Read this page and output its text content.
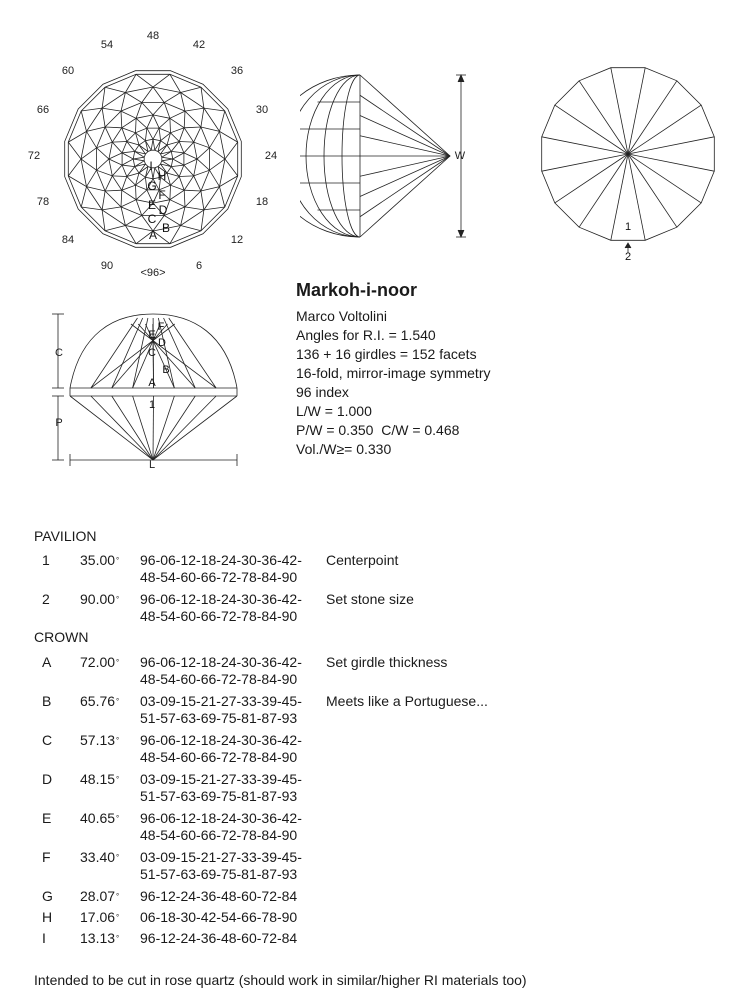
48
42
36
30
24
18
12
6
<96>
90
84
78
72
66
60
54
A B
C
D
E
F
G
H
I
W
1
2
C
P
L
F
E
D
C
B
A
1
Markoh-i-noor
Marco Voltolini
Angles for R.I. = 1.540
136 + 16 girdles = 152 facets
16-fold, mirror-image symmetry
96 index
L/W = 1.000
P/W = 0.350  C/W = 0.468
Vol./W≥= 0.330
PAVILION
1 35.00° 96-06-12-18-24-30-36-42-
48-54-60-66-72-78-84-90
Centerpoint
2 90.00° 96-06-12-18-24-30-36-42-
48-54-60-66-72-78-84-90
Set stone size
CROWN
A 72.00° 96-06-12-18-24-30-36-42-
48-54-60-66-72-78-84-90
Set girdle thickness
B 65.76° 03-09-15-21-27-33-39-45-
51-57-63-69-75-81-87-93
Meets like a Portuguese...
C 57.13° 96-06-12-18-24-30-36-42-
48-54-60-66-72-78-84-90
D 48.15° 03-09-15-21-27-33-39-45-
51-57-63-69-75-81-87-93
E 40.65° 96-06-12-18-24-30-36-42-
48-54-60-66-72-78-84-90
F 33.40° 03-09-15-21-27-33-39-45-
51-57-63-69-75-81-87-93
G 28.07° 96-12-24-36-48-60-72-84
H 17.06° 06-18-30-42-54-66-78-90
I 13.13° 96-12-24-36-48-60-72-84
Intended to be cut in rose quartz (should work in similar/higher RI materials too)
